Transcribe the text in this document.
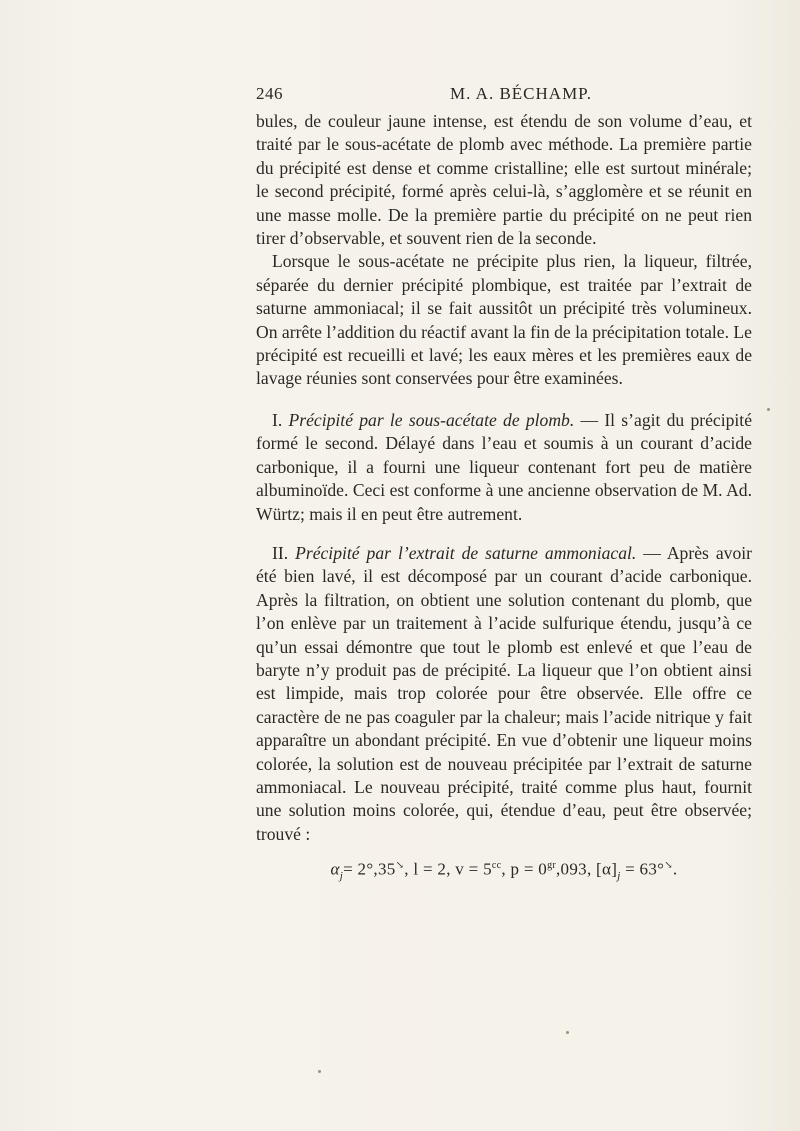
246	M. A. BÉCHAMP.

bules, de couleur jaune intense, est étendu de son volume d’eau, et traité par le sous-acétate de plomb avec méthode. La première partie du précipité est dense et comme cristalline; elle est surtout minérale; le second précipité, formé après celui-là, s’agglomère et se réunit en une masse molle. De la première partie du précipité on ne peut rien tirer d’observable, et souvent rien de la seconde.

Lorsque le sous-acétate ne précipite plus rien, la liqueur, filtrée, séparée du dernier précipité plombique, est traitée par l’extrait de saturne ammoniacal; il se fait aussitôt un précipité très volumineux. On arrête l’addition du réactif avant la fin de la précipitation totale. Le précipité est recueilli et lavé; les eaux mères et les premières eaux de lavage réunies sont conservées pour être examinées.

I. Précipité par le sous-acétate de plomb. — Il s’agit du précipité formé le second. Délayé dans l’eau et soumis à un courant d’acide carbonique, il a fourni une liqueur contenant fort peu de matière albuminoïde. Ceci est conforme à une ancienne observation de M. Ad. Würtz; mais il en peut être autrement.

II. Précipité par l’extrait de saturne ammoniacal. — Après avoir été bien lavé, il est décomposé par un courant d’acide carbonique. Après la filtration, on obtient une solution contenant du plomb, que l’on enlève par un traitement à l’acide sulfurique étendu, jusqu’à ce qu’un essai démontre que tout le plomb est enlevé et que l’eau de baryte n’y produit pas de précipité. La liqueur que l’on obtient ainsi est limpide, mais trop colorée pour être observée. Elle offre ce caractère de ne pas coaguler par la chaleur; mais l’acide nitrique y fait apparaître un abondant précipité. En vue d’obtenir une liqueur moins colorée, la solution est de nouveau précipitée par l’extrait de saturne ammoniacal. Le nouveau précipité, traité comme plus haut, fournit une solution moins colorée, qui, étendue d’eau, peut être observée; trouvé :

$\alpha_j= 2^\circ,35^↘$, l = 2, $v = 5^{cc}$, $p = 0^{gr},093$, $[\alpha]_j = 63^\circ^↘$.
